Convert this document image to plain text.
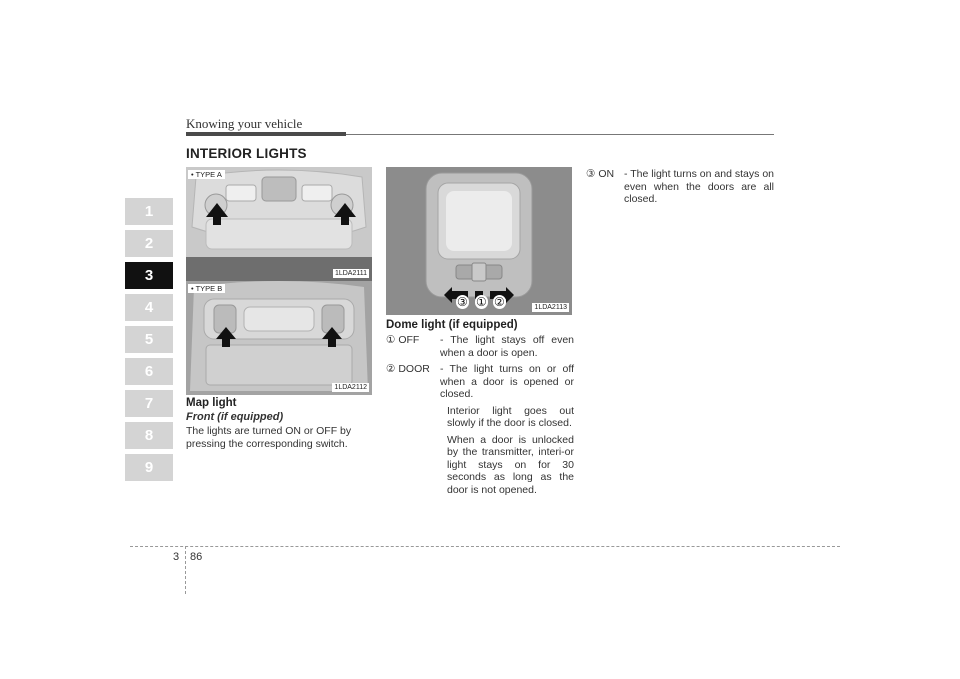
Knowing your vehicle
INTERIOR LIGHTS
1
2
3
4
5
6
7
8
9
• TYPE A
1LDA2111
• TYPE B
1LDA2112
③ ① ②	1LDA2113
Map light
Front (if equipped)
The lights are turned ON or OFF by pressing the corresponding switch.
Dome light (if equipped)
① OFF - The light stays off even when a door is open.
② DOOR - The light turns on or off when a door is opened or closed.
Interior light goes out slowly if the door is closed.
When a door is unlocked by the transmitter, interi-or light stays on for 30 seconds as long as the door is not opened.
③ ON - The light turns on and stays on even when the doors are all closed.
3 86
